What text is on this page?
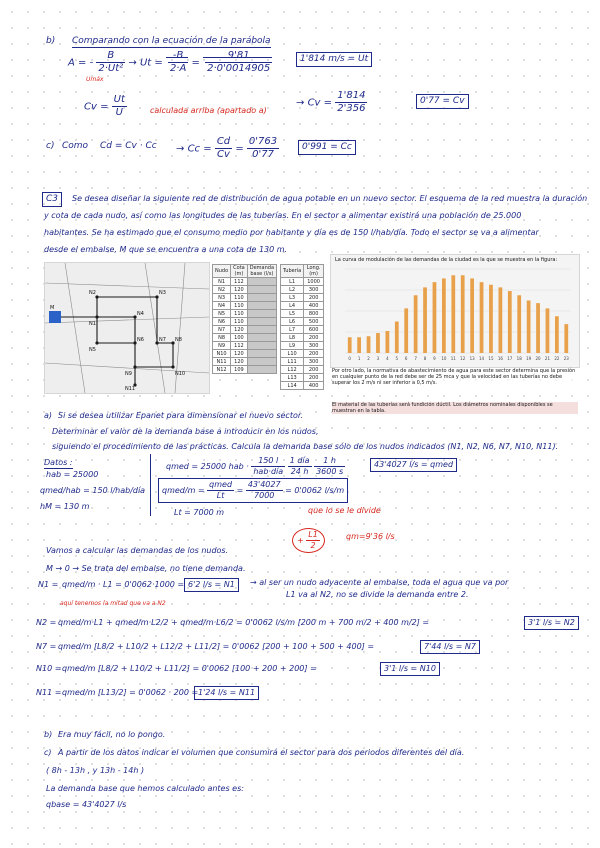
b) Comparando con la ecuación de la parábola
A = - $\frac{B}{\text{2·Ut²}} \to Ut = \frac{-B}{2\cdot A} = \frac{9'81}{2\cdot 0'0014905}$	1'814 m/s = Ut
Umáx
$Cv = \frac{Ut}{U}$	calculada arriba (apartado a)
→ $Cv = \frac{1'814}{2'356}$	0'77 = Cv
c) Como $Cd = Cv \cdot Cc \to Cc = \frac{Cd}{Cv} = \frac{0'763}{0'77}$	0'991 = Cc
C3	Se desea diseñar la siguiente red de distribución de agua potable en un nuevo sector. El esquema de la red muestra la duración
y cota de cada nudo, así como las longitudes de las tuberías. En el sector a alimentar existirá una población de 25.000
habitantes. Se ha estimado que el consumo medio por habitante y día es de 150 l/hab/día. Todo el sector se va a alimentar
desde el embalse, M que se encuentra a una cota de 130 m.
M
N1
N2	N3
N4
N5
N6	N7 N8
N9	N10
N11
Nudo	Cota (m)	Demanda base (l/s)
N1	112	
N2	120	
N3	110	
N4	110	
N5	110	
N6	110	
N7	120	
N8	100	
N9	112	
N10	120	
N11	120	
N12	109	
Tubería	Long. (m)
L1	1000
L2	300
L3	200
L4	400
L5	800
L6	500
L7	600
L8	200
L9	300
L10	200
L11	300
L12	200
L13	200
L14	400
La curva de modulación de las demandas de la ciudad es la que se muestra en la figura:
0 1 2 3 4 5 6 7 8 9 10 11 12 13 14 15 16 17 18 19 20 21 22 23
Por otro lado, la normativa de abastecimiento de agua para este sector determina que la presión en cualquier punto de la red debe ser de 25 mca y que la velocidad en las tuberías no debe superar los 2 m/s ni ser inferior a 0,5 m/s.
El material de las tuberías será fundición dúctil. Los diámetros nominales disponibles se muestran en la tabla.
a) Si se desea utilizar Epanet para dimensionar el nuevo sector.
Determinar el valor de la demanda base a introducir en los nudos,
siguiendo el procedimiento de las prácticas. Calcula la demanda base sólo de los nudos indicados (N1, N2, N6, N7, N10, N11).
Datos :
hab = 25000
qmed/hab = 150 l/hab/día
hM = 130 m
qmed = 25000 hab ·
150 l
hab·día

1 día
24 h
$\frac{1 h}{3600 s}$	43'4027 l/s = qmed
qmed/m =
qmed
Lt
= $\frac{43'4027}{7000} = 0'0062$ l/s/m
Lt = 7000 m	que lo se le divide
+ $\frac{L1}{2}$	qm=9'36 l/s
Vamos a calcular las demandas de los nudos.
M → 0 → Se trata del embalse, no tiene demanda.
N1 = qmed/m · L1 = 0'0062·1000 = 6'2 l/s = N1	→ al ser un nudo adyacente al embalse, toda el agua que va por
L1 va al N2, no se divide la demanda entre 2.
aquí tenemos la mitad que va a N2
N2 = qmed/m·L1 + qmed/m·L2/2 + qmed/m·L6/2 = 0'0062 l/s/m [200 m + 700 m/2 + 400 m/2] =	3'1 l/s = N2
N7 = qmed/m [L8/2 + L10/2 + L12/2 + L11/2] = 0'0062 [200 + 100 + 500 + 400] =	7'44 l/s = N7
N10 = qmed/m [L8/2 + L10/2 + L11/2] = 0'0062 [100 + 200 + 200] =	3'1 l/s = N10
N11 = qmed/m [L13/2] = 0'0062 · 200 = 1'24 l/s = N11
b) Era muy fácil, no lo pongo.
c) A partir de los datos indicar el volumen que consumirá el sector para dos periodos diferentes del día.
( 8h - 13h , y 13h - 14h )
La demanda base que hemos calculado antes es:
qbase = 43'4027 l/s
